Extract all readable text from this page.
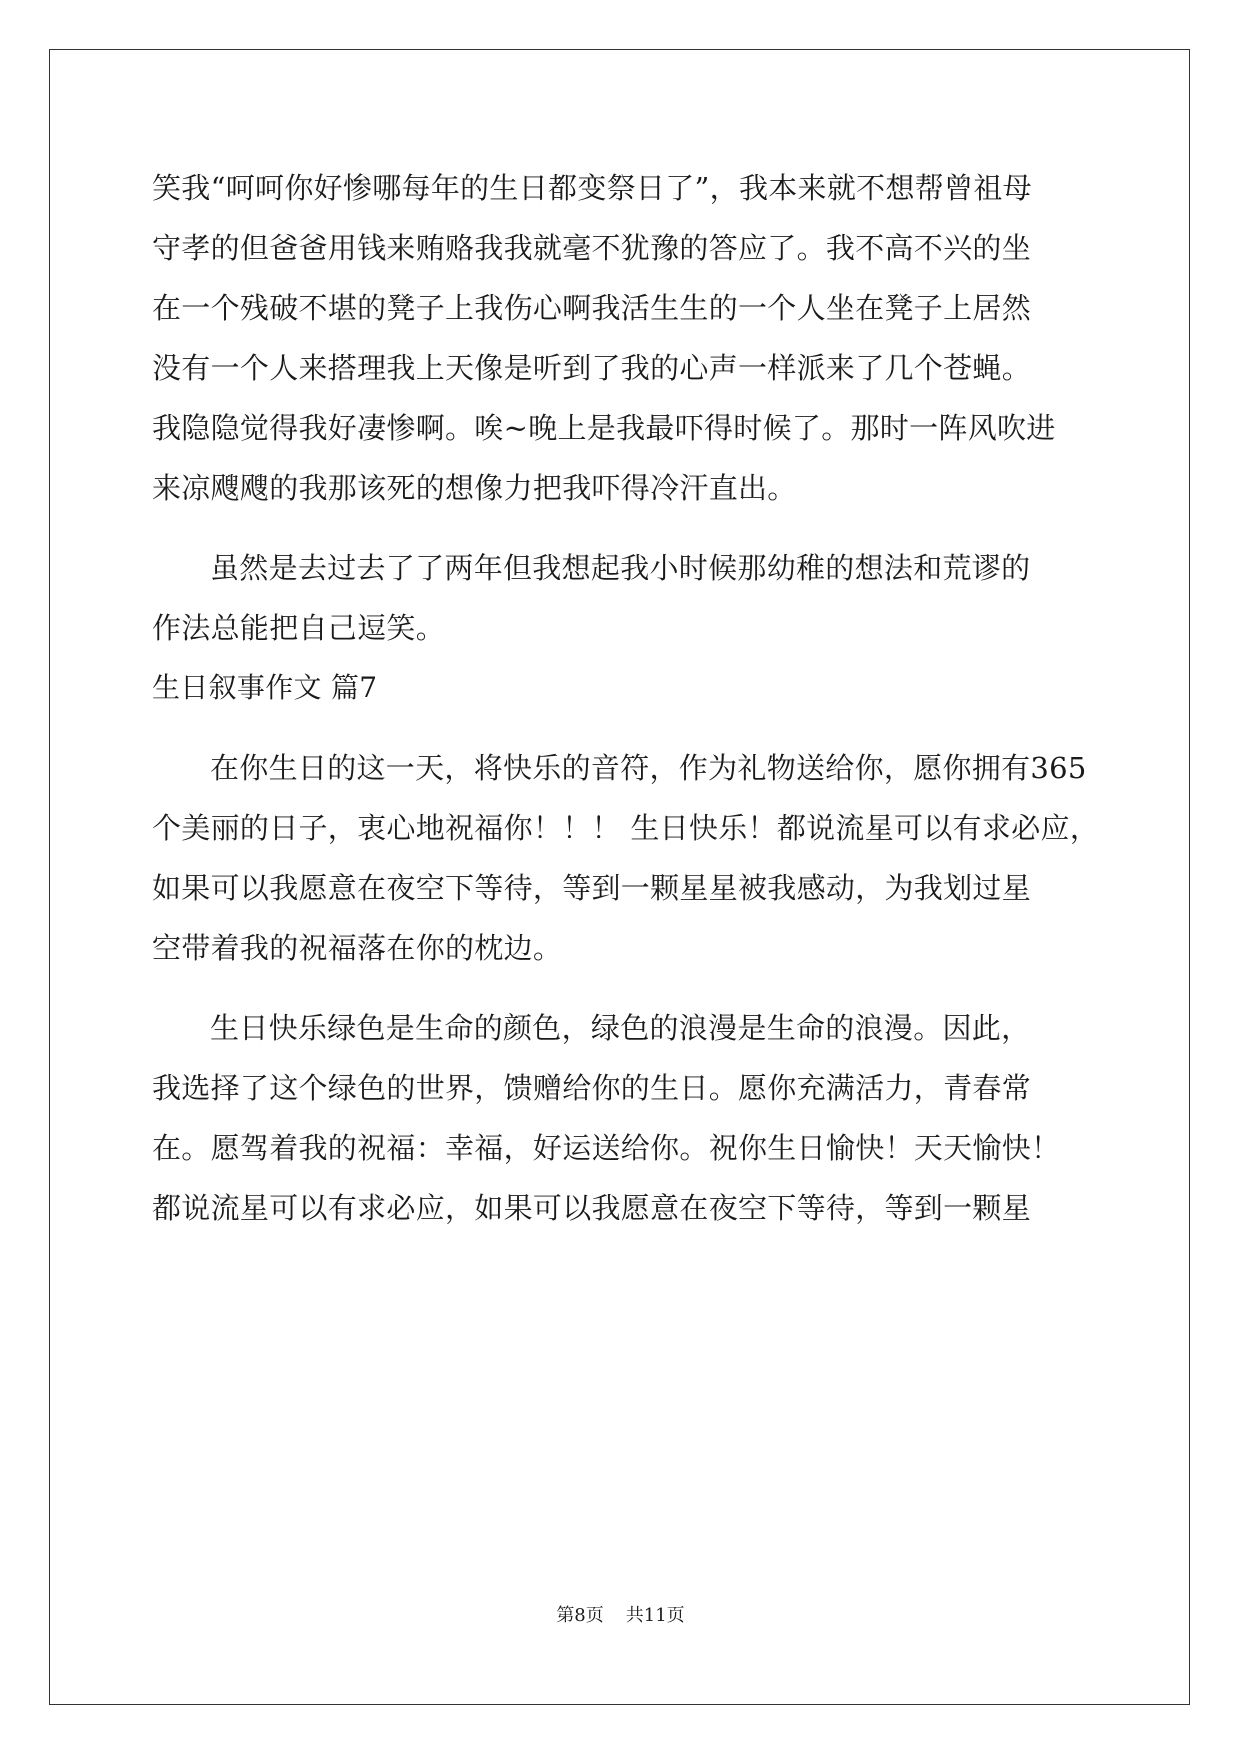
笑我“呵呵你好惨哪每年的生日都变祭日了”，我本来就不想帮曾祖母
守孝的但爸爸用钱来贿赂我我就毫不犹豫的答应了。我不高不兴的坐
在一个残破不堪的凳子上我伤心啊我活生生的一个人坐在凳子上居然
没有一个人来搭理我上天像是听到了我的心声一样派来了几个苍蝇。
我隐隐觉得我好凄惨啊。唉~晚上是我最吓得时候了。那时一阵风吹进
来凉飕飕的我那该死的想像力把我吓得冷汗直出。
虽然是去过去了了两年但我想起我小时候那幼稚的想法和荒谬的
作法总能把自己逗笑。
生日叙事作文 篇7
在你生日的这一天，将快乐的音符，作为礼物送给你，愿你拥有365
个美丽的日子，衷心地祝福你！！！ 生日快乐！都说流星可以有求必应，
如果可以我愿意在夜空下等待，等到一颗星星被我感动，为我划过星
空带着我的祝福落在你的枕边。
生日快乐绿色是生命的颜色，绿色的浪漫是生命的浪漫。因此，
我选择了这个绿色的世界，馈赠给你的生日。愿你充满活力，青春常
在。愿驾着我的祝福：幸福，好运送给你。祝你生日愉快！天天愉快！
都说流星可以有求必应，如果可以我愿意在夜空下等待，等到一颗星
第8页 共11页
